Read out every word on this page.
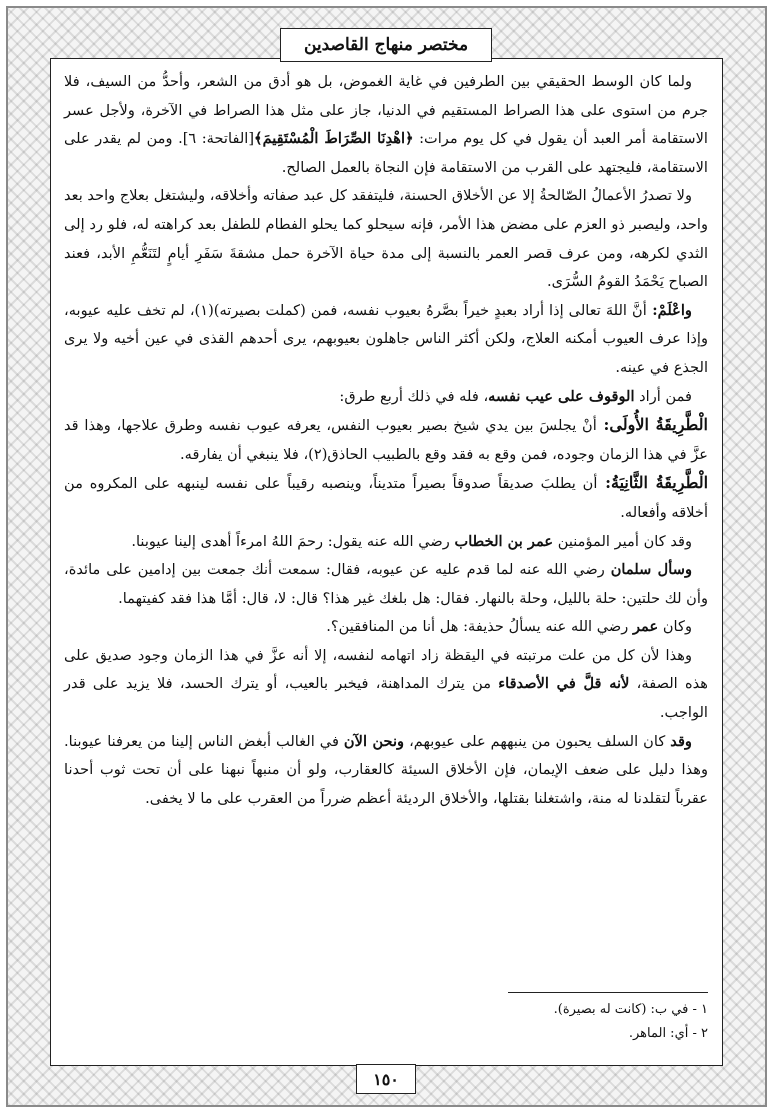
مختصر منهاج القاصدين

ولما كان الوسط الحقيقي بين الطرفين في غاية الغموض، بل هو أدق من الشعر، وأحدُّ من السيف، فلا جرم من استوى على هذا الصراط المستقيم في الدنيا، جاز على مثل هذا الصراط في الآخرة، ولأجل عسر الاستقامة أمر العبد أن يقول في كل يوم مرات: ﴿اهْدِنَا الصِّرَاطَ الْمُسْتَقِيمَ﴾[الفاتحة: ٦]. ومن لم يقدر على الاستقامة، فليجتهد على القرب من الاستقامة فإن النجاة بالعمل الصالح.

ولا تصدرُ الأعمالُ الصّالحةُ إلا عن الأخلاق الحسنة، فليتفقد كل عبد صفاته وأخلاقه، وليشتغل بعلاج واحد بعد واحد، وليصبر ذو العزم على مضض هذا الأمر، فإنه سيحلو كما يحلو الفطام للطفل بعد كراهته له، فلو رد إلى الثدي لكرهه، ومن عرف قصر العمر بالنسبة إلى مدة حياة الآخرة حمل مشقةَ سَفَرِ أيامٍ لتَنَعُّمِ الأبد، فعند الصباح يَحْمَدُ القومُ السُّرَى.

واعْلَمْ: أنَّ اللهَ تعالى إذا أراد بعبدٍ خيراً بصَّرهُ بعيوب نفسه، فمن (كملت بصيرته)(١)، لم تخف عليه عيوبه، وإذا عرف العيوب أمكنه العلاج، ولكن أكثر الناس جاهلون بعيوبهم، يرى أحدهم القذى في عين أخيه ولا يرى الجذع في عينه.

فمن أراد الوقوف على عيب نفسه، فله في ذلك أربع طرق:

الْطَّرِيقَةُ الأُولَى: أنْ يجلسَ بين يدي شيخ بصير بعيوب النفس، يعرفه عيوب نفسه وطرق علاجها، وهذا قد عزَّ في هذا الزمان وجوده، فمن وقع به فقد وقع بالطبيب الحاذق(٢)، فلا ينبغي أن يفارقه.

الْطَّرِيقَةُ الثَّانِيَةُ: أن يطلبَ صديقاً صدوقاً بصيراً متديناً، وينصبه رقيباً على نفسه لينبهه على المكروه من أخلاقه وأفعاله.

وقد كان أمير المؤمنين عمر بن الخطاب رضي الله عنه يقول: رحمَ اللهُ امرءاً أهدى إلينا عيوبنا.

وسأل سلمان رضي الله عنه لما قدم عليه عن عيوبه، فقال: سمعت أنك جمعت بين إدامين على مائدة، وأن لك حلتين: حلة بالليل، وحلة بالنهار. فقال: هل بلغك غير هذا؟ قال: لا، قال: أمَّا هذا فقد كفيتهما.

وكان عمر رضي الله عنه يسألُ حذيفة: هل أنا من المنافقين؟.

وهذا لأن كل من علت مرتبته في اليقظة زاد اتهامه لنفسه، إلا أنه عزَّ في هذا الزمان وجود صديق على هذه الصفة، لأنه قلَّ في الأصدقاء من يترك المداهنة، فيخبر بالعيب، أو يترك الحسد، فلا يزيد على قدر الواجب.

وقد كان السلف يحبون من ينبههم على عيوبهم، ونحن الآن في الغالب أبغض الناس إلينا من يعرفنا عيوبنا. وهذا دليل على ضعف الإيمان، فإن الأخلاق السيئة كالعقارب، ولو أن منبهاً نبهنا على أن تحت ثوب أحدنا عقرباً لتقلدنا له منة، واشتغلنا بقتلها، والأخلاق الرديئة أعظم ضرراً من العقرب على ما لا يخفى.

١ - في ب: (كانت له بصيرة).
٢ - أي: الماهر.
١٥٠
